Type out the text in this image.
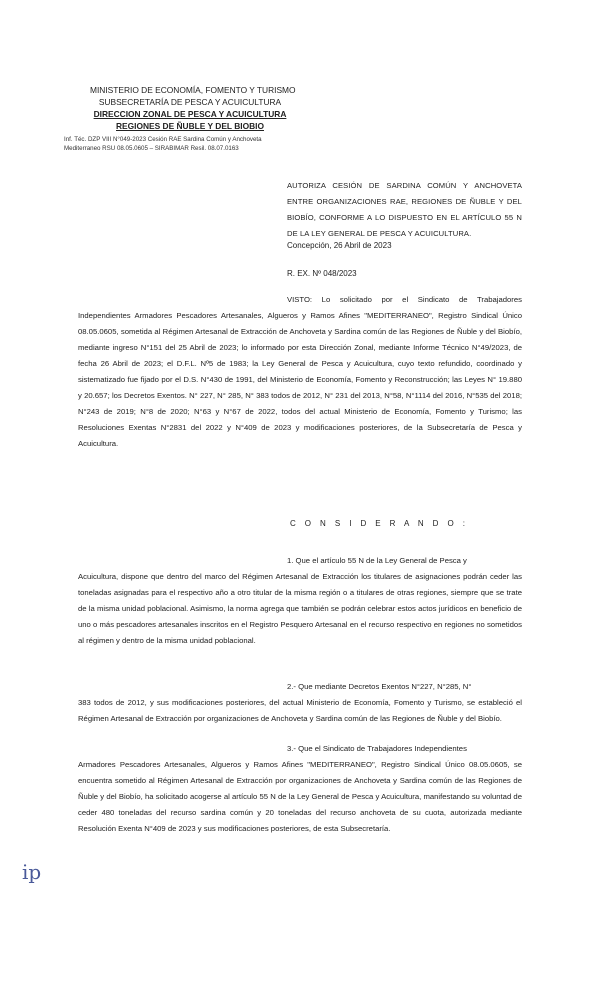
MINISTERIO DE ECONOMÍA, FOMENTO Y TURISMO
SUBSECRETARÍA DE PESCA Y ACUICULTURA
DIRECCION ZONAL DE PESCA Y ACUICULTURA
REGIONES DE ÑUBLE Y DEL BIOBIO
Inf. Téc. DZP VIII N°049-2023 Cesión RAE Sardina Común y Anchoveta
Mediterraneo RSU 08.05.0605 – SIRABIMAR Resil. 08.07.0163
AUTORIZA CESIÓN DE SARDINA COMÚN Y ANCHOVETA ENTRE ORGANIZACIONES RAE, REGIONES DE ÑUBLE Y DEL BIOBÍO, CONFORME A LO DISPUESTO EN EL ARTÍCULO 55 N DE LA LEY GENERAL DE PESCA Y ACUICULTURA.
Concepción, 26 Abril de 2023
R. EX. Nº 048/2023
VISTO: Lo solicitado por el Sindicato de Trabajadores Independientes Armadores Pescadores Artesanales, Algueros y Ramos Afines "MEDITERRANEO", Registro Sindical Único 08.05.0605, sometida al Régimen Artesanal de Extracción de Anchoveta y Sardina común de las Regiones de Ñuble y del Biobío, mediante ingreso N°151 del 25 Abril de 2023; lo informado por esta Dirección Zonal, mediante Informe Técnico N°49/2023, de fecha 26 Abril de 2023; el D.F.L. Nº5 de 1983; la Ley General de Pesca y Acuicultura, cuyo texto refundido, coordinado y sistematizado fue fijado por el D.S. N°430 de 1991, del Ministerio de Economía, Fomento y Reconstrucción; las Leyes N° 19.880 y 20.657; los Decretos Exentos. N° 227, N° 285, N° 383 todos de 2012, N° 231 del 2013, N°58, N°1114 del 2016, N°535 del 2018; N°243 de 2019; N°8 de 2020; N°63 y N°67 de 2022, todos del actual Ministerio de Economía, Fomento y Turismo; las Resoluciones Exentas N°2831 del 2022 y N°409 de 2023 y modificaciones posteriores, de la Subsecretaría de Pesca y Acuicultura.
C O N S I D E R A N D O :
1. Que el artículo 55 N de la Ley General de Pesca y
Acuicultura, dispone que dentro del marco del Régimen Artesanal de Extracción los titulares de asignaciones podrán ceder las toneladas asignadas para el respectivo año a otro titular de la misma región o a titulares de otras regiones, siempre que se trate de la misma unidad poblacional. Asimismo, la norma agrega que también se podrán celebrar estos actos jurídicos en beneficio de uno o más pescadores artesanales inscritos en el Registro Pesquero Artesanal en el recurso respectivo en regiones no sometidos al régimen y dentro de la misma unidad poblacional.
2.- Que mediante Decretos Exentos N°227, N°285, N°
383 todos de 2012, y sus modificaciones posteriores, del actual Ministerio de Economía, Fomento y Turismo, se estableció el Régimen Artesanal de Extracción por organizaciones de Anchoveta y Sardina común de las Regiones de Ñuble y del Biobío.
3.- Que el Sindicato de Trabajadores Independientes
Armadores Pescadores Artesanales, Algueros y Ramos Afines "MEDITERRANEO", Registro Sindical Único 08.05.0605, se encuentra sometido al Régimen Artesanal de Extracción por organizaciones de Anchoveta y Sardina común de las Regiones de Ñuble y del Biobío, ha solicitado acogerse al artículo 55 N de la Ley General de Pesca y Acuicultura, manifestando su voluntad de ceder 480 toneladas del recurso sardina común y 20 toneladas del recurso anchoveta de su cuota, autorizada mediante Resolución Exenta N°409 de 2023 y sus modificaciones posteriores, de esta Subsecretaría.
ip
